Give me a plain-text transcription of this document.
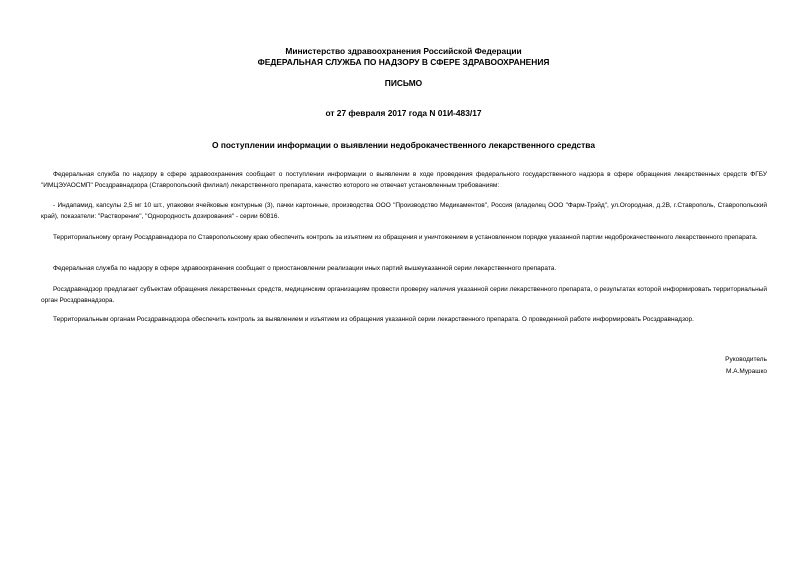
Министерство здравоохранения Российской Федерации
ФЕДЕРАЛЬНАЯ СЛУЖБА ПО НАДЗОРУ В СФЕРЕ ЗДРАВООХРАНЕНИЯ
ПИСЬМО
от 27 февраля 2017 года N 01И-483/17
О поступлении информации о выявлении недоброкачественного лекарственного средства
Федеральная служба по надзору в сфере здравоохранения сообщает о поступлении информации о выявлении в ходе проведения федерального государственного надзора в сфере обращения лекарственных средств ФГБУ "ИМЦЭУАОСМП" Росздравнадзора (Ставропольский филиал) лекарственного препарата, качество которого не отвечает установленным требованиям:
- Индапамид, капсулы 2,5 мг 10 шт., упаковки ячейковые контурные (3), пачки картонные, производства ООО "Производство Медикаментов", Россия (владелец ООО "Фарм-Трэйд", ул.Огородная, д.2В, г.Ставрополь, Ставропольский край), показатели: "Растворение", "Однородность дозирования" - серии 60816.
Территориальному органу Росздравнадзора по Ставропольскому краю обеспечить контроль за изъятием из обращения и уничтожением в установленном порядке указанной партии недоброкачественного лекарственного препарата.
Федеральная служба по надзору в сфере здравоохранения сообщает о приостановлении реализации иных партий вышеуказанной серии лекарственного препарата.
Росздравнадзор предлагает субъектам обращения лекарственных средств, медицинским организациям провести проверку наличия указанной серии лекарственного препарата, о результатах которой информировать территориальный орган Росздравнадзора.
Территориальным органам Росздравнадзора обеспечить контроль за выявлением и изъятием из обращения указанной серии лекарственного препарата. О проведенной работе информировать Росздравнадзор.
Руководитель
М.А.Мурашко
